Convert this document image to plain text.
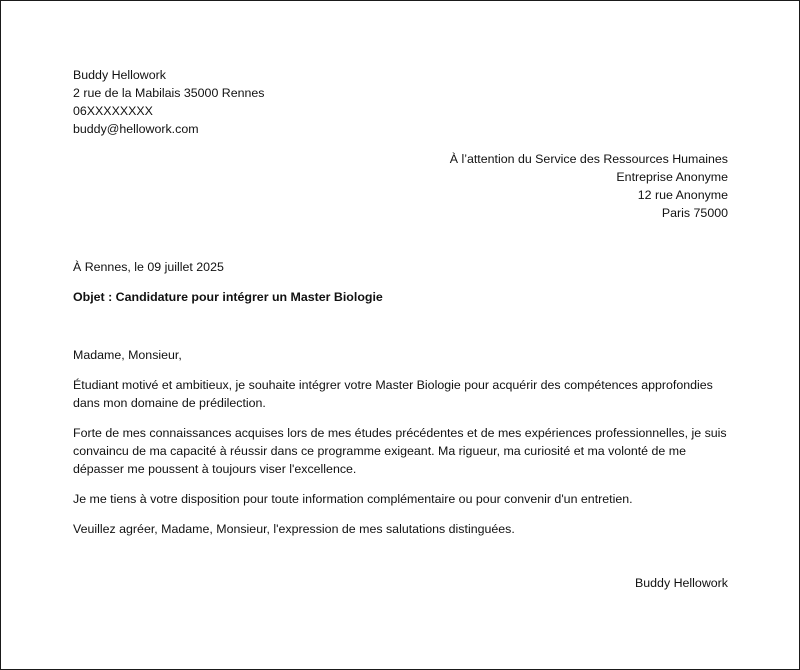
Buddy Hellowork

2 rue de la Mabilais 35000 Rennes

06XXXXXXXX

buddy@hellowork.com

À l’attention du Service des Ressources Humaines

Entreprise Anonyme

12 rue Anonyme

Paris 75000

À Rennes, le 09 juillet 2025
Objet : Candidature pour intégrer un Master Biologie
Madame, Monsieur,
Étudiant motivé et ambitieux, je souhaite intégrer votre Master Biologie pour acquérir des compétences approfondies dans mon domaine de prédilection.
Forte de mes connaissances acquises lors de mes études précédentes et de mes expériences professionnelles, je suis convaincu de ma capacité à réussir dans ce programme exigeant. Ma rigueur, ma curiosité et ma volonté de me dépasser me poussent à toujours viser l'excellence.
Je me tiens à votre disposition pour toute information complémentaire ou pour convenir d'un entretien.
Veuillez agréer, Madame, Monsieur, l'expression de mes salutations distinguées.
Buddy Hellowork
